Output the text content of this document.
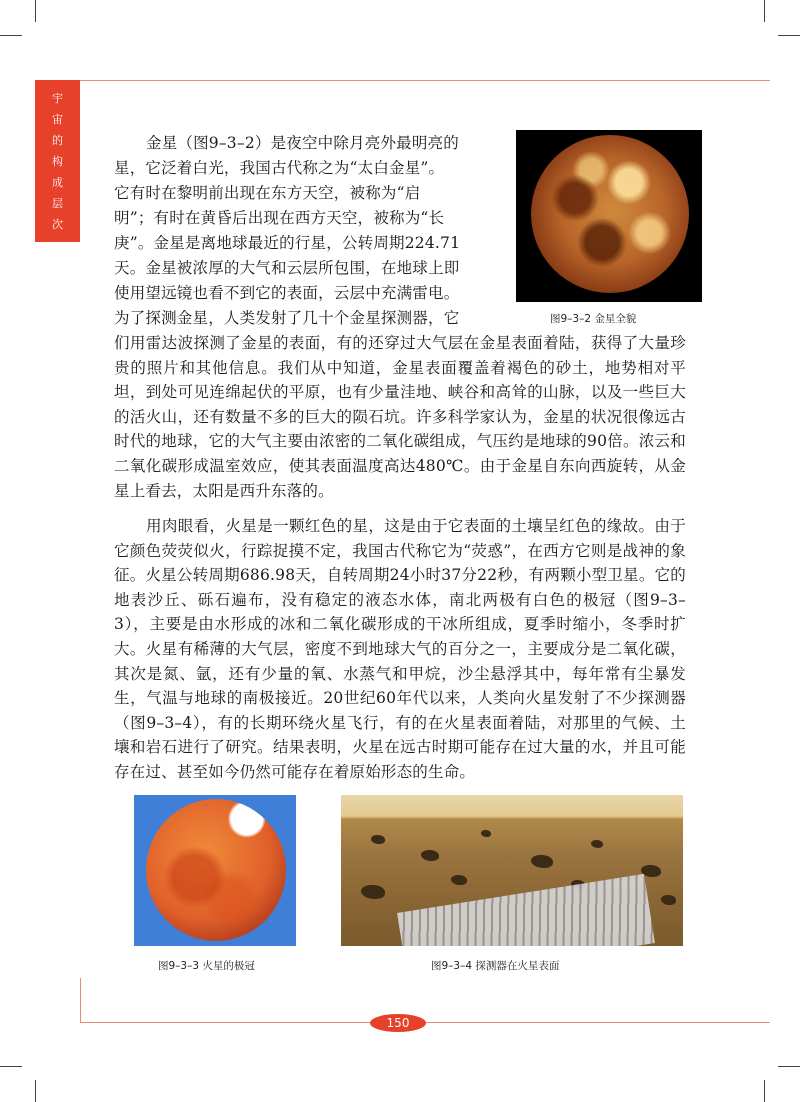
宇
宙
的
构
成
层
次
金星（图9–3–2）是夜空中除月亮外最明亮的
星，它泛着白光，我国古代称之为“太白金星”。
它有时在黎明前出现在东方天空，被称为“启
明”；有时在黄昏后出现在西方天空，被称为“长
庚”。金星是离地球最近的行星，公转周期224.71
天。金星被浓厚的大气和云层所包围，在地球上即
使用望远镜也看不到它的表面，云层中充满雷电。
为了探测金星，人类发射了几十个金星探测器，它

们用雷达波探测了金星的表面，有的还穿过大气层在金星表面着陆，获得了大量珍贵的照片和其他信息。我们从中知道，金星表面覆盖着褐色的砂土，地势相对平坦，到处可见连绵起伏的平原，也有少量洼地、峡谷和高耸的山脉，以及一些巨大的活火山，还有数量不多的巨大的陨石坑。许多科学家认为，金星的状况很像远古时代的地球，它的大气主要由浓密的二氧化碳组成，气压约是地球的90倍。浓云和二氧化碳形成温室效应，使其表面温度高达480℃。由于金星自东向西旋转，从金星上看去，太阳是西升东落的。

图9–3–2 金星全貌

用肉眼看，火星是一颗红色的星，这是由于它表面的土壤呈红色的缘故。由于它颜色荧荧似火，行踪捉摸不定，我国古代称它为“荧惑”，在西方它则是战神的象征。火星公转周期686.98天，自转周期24小时37分22秒，有两颗小型卫星。它的地表沙丘、砾石遍布，没有稳定的液态水体，南北两极有白色的极冠（图9–3–3），主要是由水形成的冰和二氧化碳形成的干冰所组成，夏季时缩小，冬季时扩大。火星有稀薄的大气层，密度不到地球大气的百分之一，主要成分是二氧化碳，其次是氮、氩，还有少量的氧、水蒸气和甲烷，沙尘悬浮其中，每年常有尘暴发生，气温与地球的南极接近。20世纪60年代以来，人类向火星发射了不少探测器（图9–3–4），有的长期环绕火星飞行，有的在火星表面着陆，对那里的气候、土壤和岩石进行了研究。结果表明，火星在远古时期可能存在过大量的水，并且可能存在过、甚至如今仍然可能存在着原始形态的生命。

图9–3–3 火星的极冠	图9–3–4 探测器在火星表面
150
